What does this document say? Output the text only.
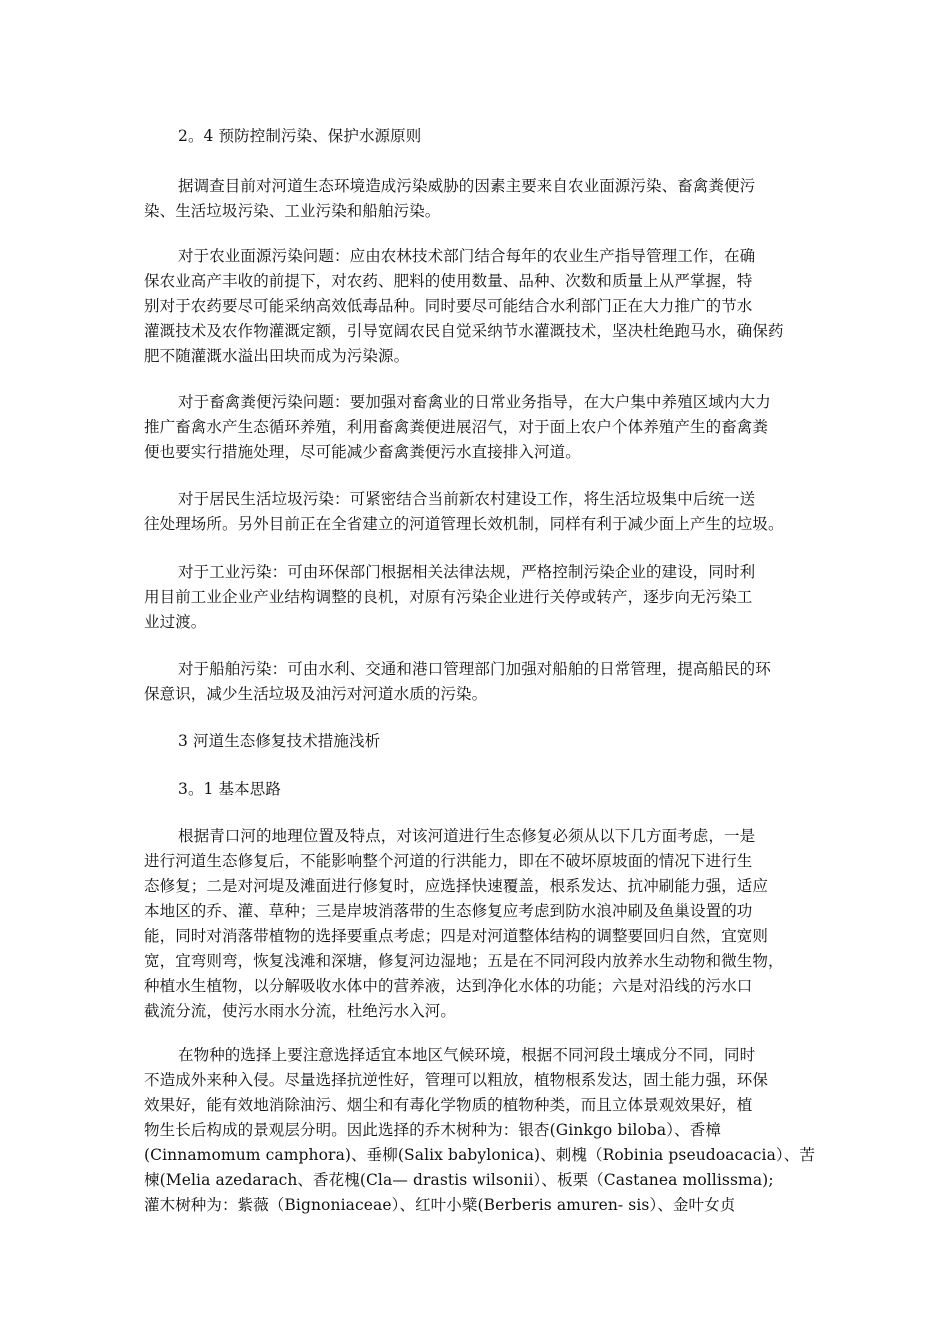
2。4 预防控制污染、保护水源原则
据调查目前对河道生态环境造成污染威胁的因素主要来自农业面源污染、畜禽粪便污
染、生活垃圾污染、工业污染和船舶污染。
对于农业面源污染问题：应由农林技术部门结合每年的农业生产指导管理工作，在确
保农业高产丰收的前提下，对农药、肥料的使用数量、品种、次数和质量上从严掌握，特
别对于农药要尽可能采纳高效低毒品种。同时要尽可能结合水利部门正在大力推广的节水
灌溉技术及农作物灌溉定额，引导宽阔农民自觉采纳节水灌溉技术，坚决杜绝跑马水，确保药
肥不随灌溉水溢出田块而成为污染源。
对于畜禽粪便污染问题：要加强对畜禽业的日常业务指导，在大户集中养殖区域内大力
推广畜禽水产生态循环养殖，利用畜禽粪便进展沼气，对于面上农户个体养殖产生的畜禽粪
便也要实行措施处理，尽可能减少畜禽粪便污水直接排入河道。
对于居民生活垃圾污染：可紧密结合当前新农村建设工作，将生活垃圾集中后统一送
往处理场所。另外目前正在全省建立的河道管理长效机制，同样有利于减少面上产生的垃圾。
对于工业污染：可由环保部门根据相关法律法规，严格控制污染企业的建设，同时利
用目前工业企业产业结构调整的良机，对原有污染企业进行关停或转产，逐步向无污染工
业过渡。
对于船舶污染：可由水利、交通和港口管理部门加强对船舶的日常管理，提高船民的环
保意识，减少生活垃圾及油污对河道水质的污染。
3 河道生态修复技术措施浅析
3。1 基本思路
根据青口河的地理位置及特点，对该河道进行生态修复必须从以下几方面考虑，一是
进行河道生态修复后，不能影响整个河道的行洪能力，即在不破坏原坡面的情况下进行生
态修复；二是对河堤及滩面进行修复时，应选择快速覆盖，根系发达、抗冲刷能力强，适应
本地区的乔、灌、草种；三是岸坡消落带的生态修复应考虑到防水浪冲刷及鱼巢设置的功
能，同时对消落带植物的选择要重点考虑；四是对河道整体结构的调整要回归自然，宜宽则
宽，宜弯则弯，恢复浅滩和深塘，修复河边湿地；五是在不同河段内放养水生动物和微生物，
种植水生植物，以分解吸收水体中的营养液，达到净化水体的功能；六是对沿线的污水口
截流分流，使污水雨水分流，杜绝污水入河。
在物种的选择上要注意选择适宜本地区气候环境，根据不同河段土壤成分不同，同时
不造成外来种入侵。尽量选择抗逆性好，管理可以粗放，植物根系发达，固土能力强，环保
效果好，能有效地消除油污、烟尘和有毒化学物质的植物种类，而且立体景观效果好，植
物生长后构成的景观层分明。因此选择的乔木树种为：银杏(Ginkgo biloba）、香樟
(Cinnamomum camphora)、垂柳(Salix babylonica)、刺槐（Robinia pseudoacacia）、苦
楝(Melia azedarach、香花槐(Cla— drastis wilsonii）、板栗（Castanea mollissma);
灌木树种为：紫薇（Bignoniaceae）、红叶小檗(Berberis amuren- sis）、金叶女贞
